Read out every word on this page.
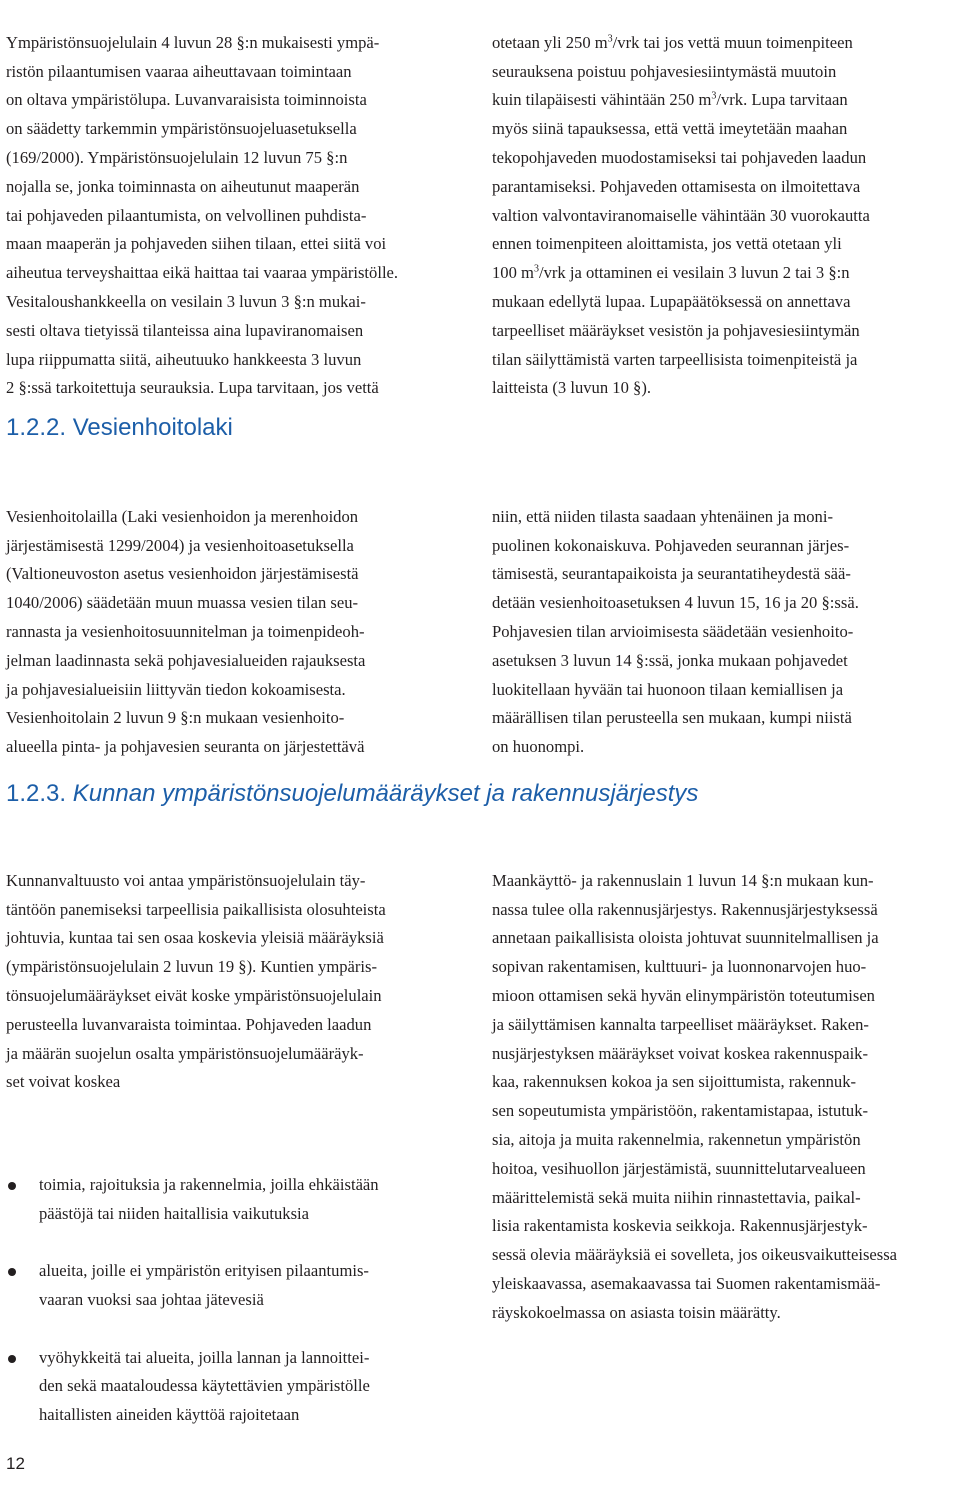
Ympäristönsuojelulain 4 luvun 28 §:n mukaisesti ympä-
ristön pilaantumisen vaaraa aiheuttavaan toimintaan
on oltava ympäristölupa. Luvanvaraisista toiminnoista
on säädetty tarkemmin ympäristönsuojeluasetuksella
(169/2000). Ympäristönsuojelulain 12 luvun 75 §:n
nojalla se, jonka toiminnasta on aiheutunut maaperän
tai pohjaveden pilaantumista, on velvollinen puhdista-
maan maaperän ja pohjaveden siihen tilaan, ettei siitä voi
aiheutua terveyshaittaa eikä haittaa tai vaaraa ympäristölle.
Vesitaloushankkeella on vesilain 3 luvun 3 §:n mukai-
sesti oltava tietyissä tilanteissa aina lupaviranomaisen
lupa riippumatta siitä, aiheutuuko hankkeesta 3 luvun
2 §:ssä tarkoitettuja seurauksia. Lupa tarvitaan, jos vettä

otetaan yli 250 $m^3$/vrk tai jos vettä muun toimenpiteen
seurauksena poistuu pohjavesiesiintymästä muutoin
kuin tilapäisesti vähintään 250 $m^3$/vrk. Lupa tarvitaan
myös siinä tapauksessa, että vettä imeytetään maahan
tekopohjaveden muodostamiseksi tai pohjaveden laadun
parantamiseksi. Pohjaveden ottamisesta on ilmoitettava
valtion valvontaviranomaiselle vähintään 30 vuorokautta
ennen toimenpiteen aloittamista, jos vettä otetaan yli
100 $m^3$/vrk ja ottaminen ei vesilain 3 luvun 2 tai 3 §:n
mukaan edellytä lupaa. Lupapäätöksessä on annettava
tarpeelliset määräykset vesistön ja pohjavesiesiintymän
tilan säilyttämistä varten tarpeellisista toimenpiteistä ja
laitteista (3 luvun 10 §).

1.2.2. Vesienhoitolaki

Vesienhoitolailla (Laki vesienhoidon ja merenhoidon
järjestämisestä 1299/2004) ja vesienhoitoasetuksella
(Valtioneuvoston asetus vesienhoidon järjestämisestä
1040/2006) säädetään muun muassa vesien tilan seu-
rannasta ja vesienhoitosuunnitelman ja toimenpideoh-
jelman laadinnasta sekä pohjavesialueiden rajauksesta
ja pohjavesialueisiin liittyvän tiedon kokoamisesta.
Vesienhoitolain 2 luvun 9 §:n mukaan vesienhoito-
alueella pinta- ja pohjavesien seuranta on järjestettävä

niin, että niiden tilasta saadaan yhtenäinen ja moni-
puolinen kokonaiskuva. Pohjaveden seurannan järjes-
tämisestä, seurantapaikoista ja seurantatiheydestä sää-
detään vesienhoitoasetuksen 4 luvun 15, 16 ja 20 §:ssä.
Pohjavesien tilan arvioimisesta säädetään vesienhoito-
asetuksen 3 luvun 14 §:ssä, jonka mukaan pohjavedet
luokitellaan hyvään tai huonoon tilaan kemiallisen ja
määrällisen tilan perusteella sen mukaan, kumpi niistä
on huonompi.

1.2.3. Kunnan ympäristönsuojelumääräykset ja rakennusjärjestys

Kunnanvaltuusto voi antaa ympäristönsuojelulain täy-
täntöön panemiseksi tarpeellisia paikallisista olosuhteista
johtuvia, kuntaa tai sen osaa koskevia yleisiä määräyksiä
(ympäristönsuojelulain 2 luvun 19 §). Kuntien ympäris-
tönsuojelumääräykset eivät koske ympäristönsuojelulain
perusteella luvanvaraista toimintaa. Pohjaveden laadun
ja määrän suojelun osalta ympäristönsuojelumääräyk-
set voivat koskea

toimia, rajoituksia ja rakennelmia, joilla ehkäistään
päästöjä tai niiden haitallisia vaikutuksia

alueita, joille ei ympäristön erityisen pilaantumis-
vaaran vuoksi saa johtaa jätevesiä

vyöhykkeitä tai alueita, joilla lannan ja lannoittei-
den sekä maataloudessa käytettävien ympäristölle
haitallisten aineiden käyttöä rajoitetaan

Maankäyttö- ja rakennuslain 1 luvun 14 §:n mukaan kun-
nassa tulee olla rakennusjärjestys. Rakennusjärjestyksessä
annetaan paikallisista oloista johtuvat suunnitelmallisen ja
sopivan rakentamisen, kulttuuri- ja luonnonarvojen huo-
mioon ottamisen sekä hyvän elinympäristön toteutumisen
ja säilyttämisen kannalta tarpeelliset määräykset. Raken-
nusjärjestyksen määräykset voivat koskea rakennuspaik-
kaa, rakennuksen kokoa ja sen sijoittumista, rakennuk-
sen sopeutumista ympäristöön, rakentamistapaa, istutuk-
sia, aitoja ja muita rakennelmia, rakennetun ympäristön
hoitoa, vesihuollon järjestämistä, suunnittelutarvealueen
määrittelemistä sekä muita niihin rinnastettavia, paikal-
lisia rakentamista koskevia seikkoja. Rakennusjärjestyk-
sessä olevia määräyksiä ei sovelleta, jos oikeusvaikutteisessa
yleiskaavassa, asemakaavassa tai Suomen rakentamismää-
räyskokoelmassa on asiasta toisin määrätty.

12
